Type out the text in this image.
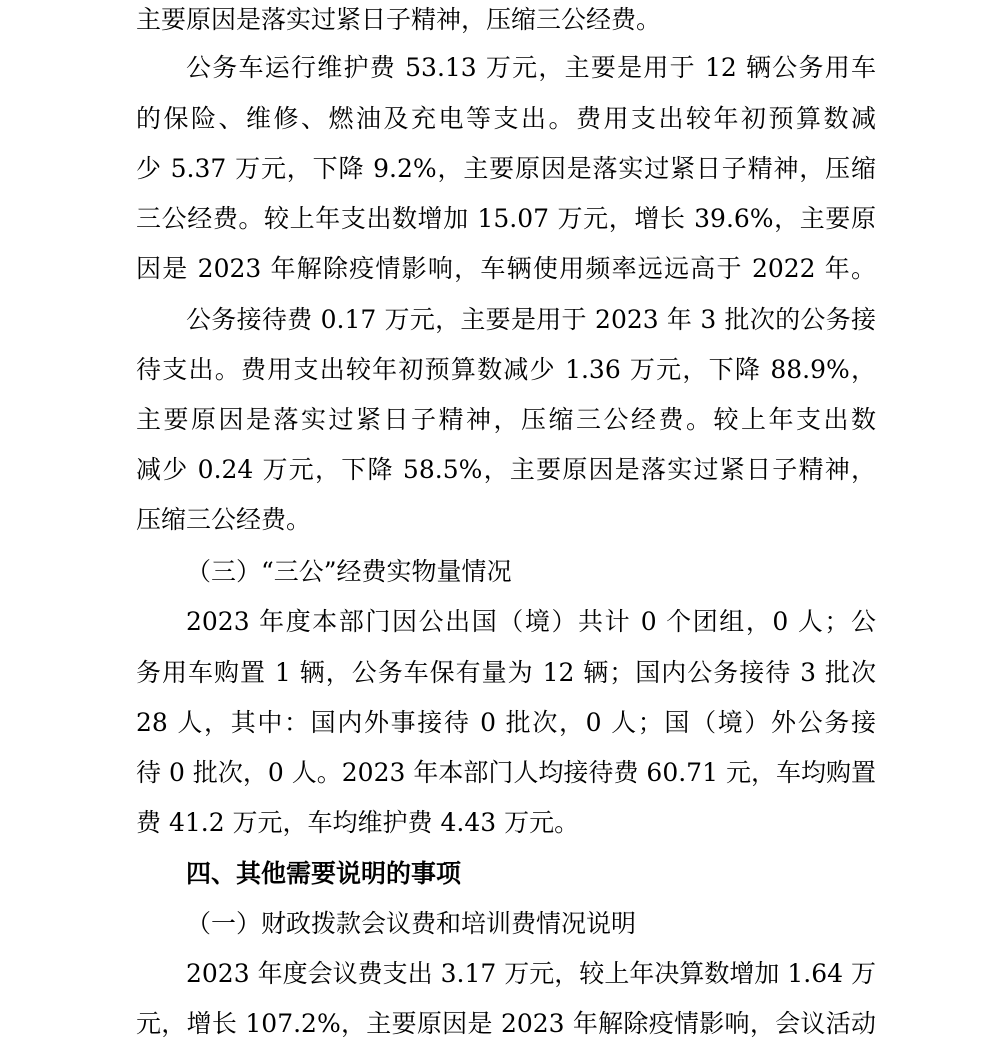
主要原因是落实过紧日子精神，压缩三公经费。
公务车运行维护费 53.13 万元，主要是用于 12 辆公务用车
的保险、维修、燃油及充电等支出。费用支出较年初预算数减
少 5.37 万元，下降 9.2%，主要原因是落实过紧日子精神，压缩
三公经费。较上年支出数增加 15.07 万元，增长 39.6%，主要原
因是 2023 年解除疫情影响，车辆使用频率远远高于 2022 年。
公务接待费 0.17 万元，主要是用于 2023 年 3 批次的公务接
待支出。费用支出较年初预算数减少 1.36 万元，下降 88.9%，
主要原因是落实过紧日子精神，压缩三公经费。较上年支出数
减少 0.24 万元，下降 58.5%，主要原因是落实过紧日子精神，
压缩三公经费。
（三）“三公”经费实物量情况
2023 年度本部门因公出国（境）共计 0 个团组，0 人；公
务用车购置 1 辆，公务车保有量为 12 辆；国内公务接待 3 批次
28 人，其中：国内外事接待 0 批次，0 人；国（境）外公务接
待 0 批次，0 人。2023 年本部门人均接待费 60.71 元，车均购置
费 41.2 万元，车均维护费 4.43 万元。
四、其他需要说明的事项
（一）财政拨款会议费和培训费情况说明
2023 年度会议费支出 3.17 万元，较上年决算数增加 1.64 万
元，增长 107.2%，主要原因是 2023 年解除疫情影响，会议活动
